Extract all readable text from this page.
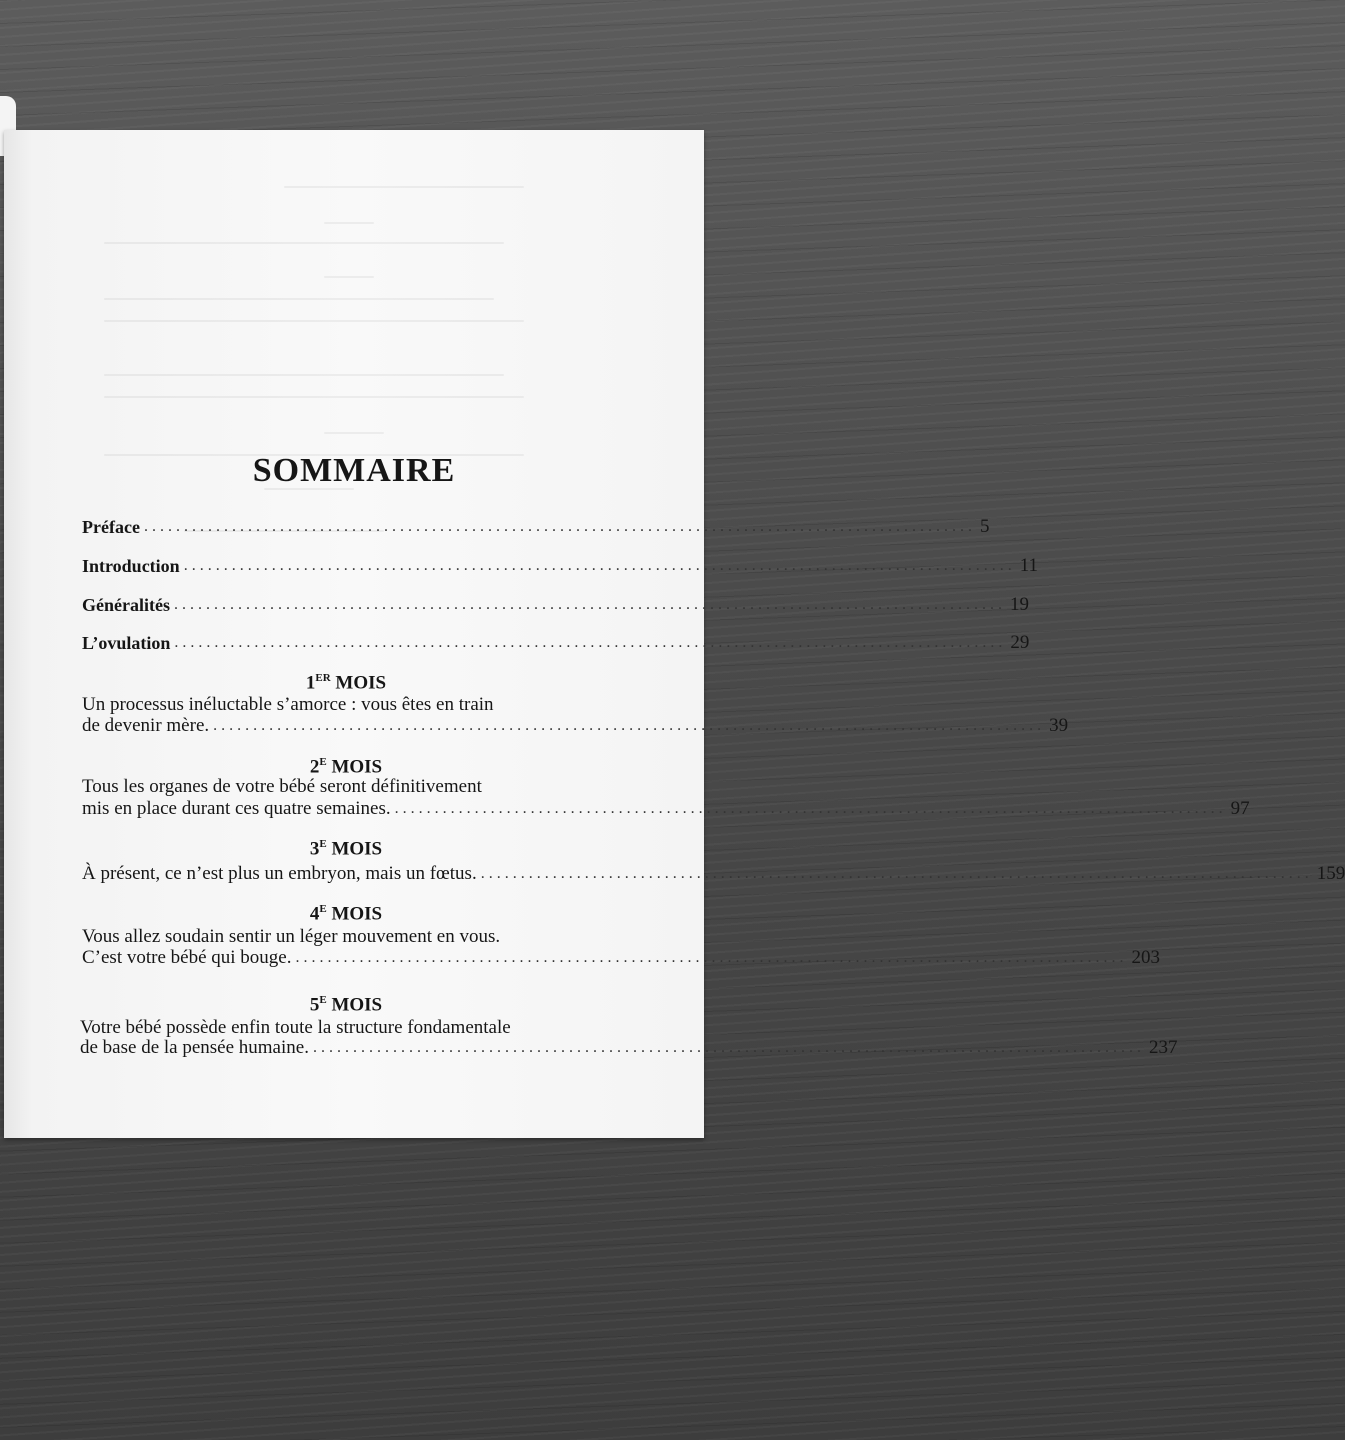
SOMMAIRE
Préface ........................................................................................................ 5
Introduction ........................................................................................................ 11
Généralités ........................................................................................................ 19
L’ovulation ........................................................................................................ 29
1ER MOIS
Un processus inéluctable s’amorce : vous êtes en train
de devenir mère. ........................................................................................................ 39
$2^E$ MOIS
Tous les organes de votre bébé seront définitivement
mis en place durant ces quatre semaines. ........................................................................................................ 97
$3^E$ MOIS
À présent, ce n’est plus un embryon, mais un fœtus. ........................................................................................................ 159
$4^E$ MOIS
Vous allez soudain sentir un léger mouvement en vous.
C’est votre bébé qui bouge. ........................................................................................................ 203
$5^E$ MOIS
Votre bébé possède enfin toute la structure fondamentale
de base de la pensée humaine. ........................................................................................................ 237
